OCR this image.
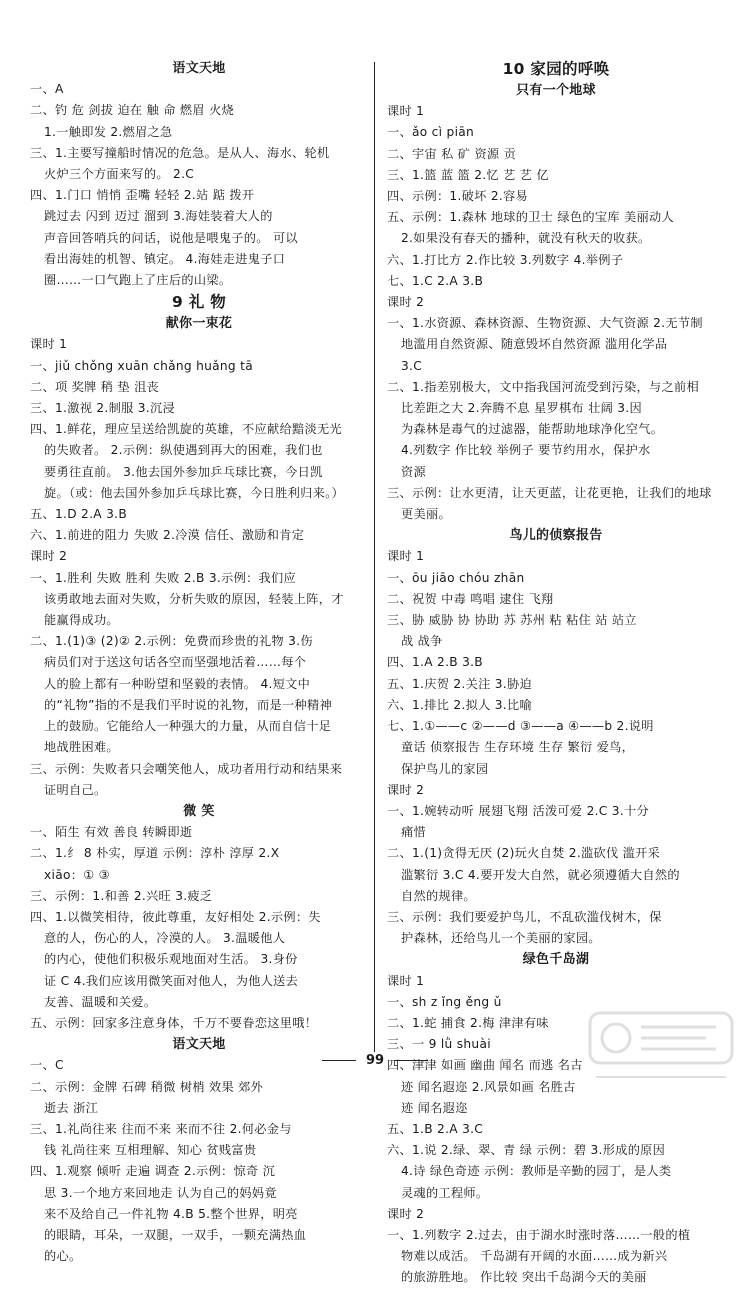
语文天地
一、A
二、钓 危 剑拔 迫在 触 命 燃眉 火烧
1.一触即发 2.燃眉之急
三、1.主要写撞船时情况的危急。是从人、海水、轮机
火炉三个方面来写的。 2.C
四、1.门口 悄悄 歪嘴 轻轻 2.站 踮 拨开
跳过去 闪到 迈过 溜到 3.海娃装着大人的
声音回答哨兵的问话，说他是喂鬼子的。 可以
看出海娃的机智、镇定。 4.海娃走进鬼子口
圈……一口气跑上了庄后的山梁。
9 礼 物
献你一束花
课时 1
一、jiǔ chǒng xuān chǎng huǎng tā
二、项 奖牌 稍 垫 沮丧
三、1.激视 2.制服 3.沉浸
四、1.鲜花，理应呈送给凯旋的英雄，不应献给黯淡无光
的失败者。 2.示例：纵使遇到再大的困难，我们也
要勇往直前。 3.他去国外参加乒乓球比赛，今日凯
旋。（或：他去国外参加乒乓球比赛，今日胜利归来。）
五、1.D 2.A 3.B
六、1.前进的阻力 失败 2.冷漠 信任、激励和肯定
课时 2
一、1.胜利 失败 胜利 失败 2.B 3.示例：我们应
该勇敢地去面对失败，分析失败的原因，轻装上阵，才
能赢得成功。
二、1.(1)③ (2)② 2.示例：免费而珍贵的礼物 3.伤
病员们对于送这句话各空而坚强地活着……每个
人的脸上都有一种盼望和坚毅的表情。 4.短文中
的“礼物”指的不是我们平时说的礼物，而是一种精神
上的鼓励。它能给人一种强大的力量，从而自信十足
地战胜困难。
三、示例：失败者只会嘲笑他人，成功者用行动和结果来
证明自己。
微 笑
一、陌生 有效 善良 转瞬即逝
二、1.纟 8 朴实，厚道 示例：淳朴 淳厚 2.X
xiāo：① ③
三、示例：1.和善 2.兴旺 3.疲乏
四、1.以微笑相待，彼此尊重，友好相处 2.示例：失
意的人，伤心的人，冷漠的人。 3.温暖他人
的内心，使他们积极乐观地面对生活。 3.身份
证 C 4.我们应该用微笑面对他人，为他人送去
友善、温暖和关爱。
五、示例：回家多注意身体，千万不要眷恋这里哦！
语文天地
一、C
二、示例：金牌 石碑 稍微 树梢 效果 郊外
逝去 浙江
三、1.礼尚往来 往而不来 来而不往 2.何必金与
钱 礼尚往来 互相理解、知心 贫贱富贵
四、1.观察 倾听 走遍 调查 2.示例：惊奇 沉
思 3.一个地方来回地走 认为自己的妈妈竟
来不及给自己一件礼物 4.B 5.整个世界，明亮
的眼睛，耳朵，一双腿，一双手，一颗充满热血
的心。
10 家园的呼唤
只有一个地球
课时 1
一、ǎo cì piān
二、宇宙 私 矿 资源 贡
三、1.篮 蓝 篮 2.忆 艺 艺 亿
四、示例：1.破坏 2.容易
五、示例：1.森林 地球的卫士 绿色的宝库 美丽动人
2.如果没有春天的播种，就没有秋天的收获。
六、1.打比方 2.作比较 3.列数字 4.举例子
七、1.C 2.A 3.B
课时 2
一、1.水资源、森林资源、生物资源、大气资源 2.无节制
地滥用自然资源、随意毁坏自然资源 滥用化学品
3.C
二、1.指差别极大，文中指我国河流受到污染，与之前相
比差距之大 2.奔腾不息 星罗棋布 壮阔 3.因
为森林是毒气的过滤器，能帮助地球净化空气。
4.列数字 作比较 举例子 要节约用水，保护水
资源
三、示例：让水更清，让天更蓝，让花更艳，让我们的地球
更美丽。
鸟儿的侦察报告
课时 1
一、ōu jiāo chóu zhān
二、祝贺 中毒 鸣唱 逮住 飞翔
三、胁 威胁 协 协助 苏 苏州 粘 粘住 站 站立
战 战争
四、1.A 2.B 3.B
五、1.庆贺 2.关注 3.胁迫
六、1.排比 2.拟人 3.比喻
七、1.①——c ②——d ③——a ④——b 2.说明
童话 侦察报告 生存环境 生存 繁衍 爱鸟，
保护鸟儿的家园
课时 2
一、1.婉转动听 展翅飞翔 活泼可爱 2.C 3.十分
痛惜
二、1.(1)贪得无厌 (2)玩火自焚 2.滥砍伐 滥开采
滥繁衍 3.C 4.要开发大自然，就必须遵循大自然的
自然的规律。
三、示例：我们要爱护鸟儿，不乱砍滥伐树木，保
护森林，还给鸟儿一个美丽的家园。
绿色千岛湖
课时 1
一、sh z ǐng ěng ǔ
二、1.蛇 捕食 2.梅 津津有味
三、一 9 lǜ shuài
四、津津 如画 幽曲 闻名 而逃 名古
迹 闻名遐迩 2.风景如画 名胜古
迹 闻名遐迩
五、1.B 2.A 3.C
六、1.说 2.绿、翠、青 绿 示例：碧 3.形成的原因
4.诗 绿色奇迹 示例：教师是辛勤的园丁，是人类
灵魂的工程师。
课时 2
一、1.列数字 2.过去，由于湖水时涨时落……一般的植
物难以成活。 千岛湖有开阔的水面……成为新兴
的旅游胜地。 作比较 突出千岛湖今天的美丽
99
